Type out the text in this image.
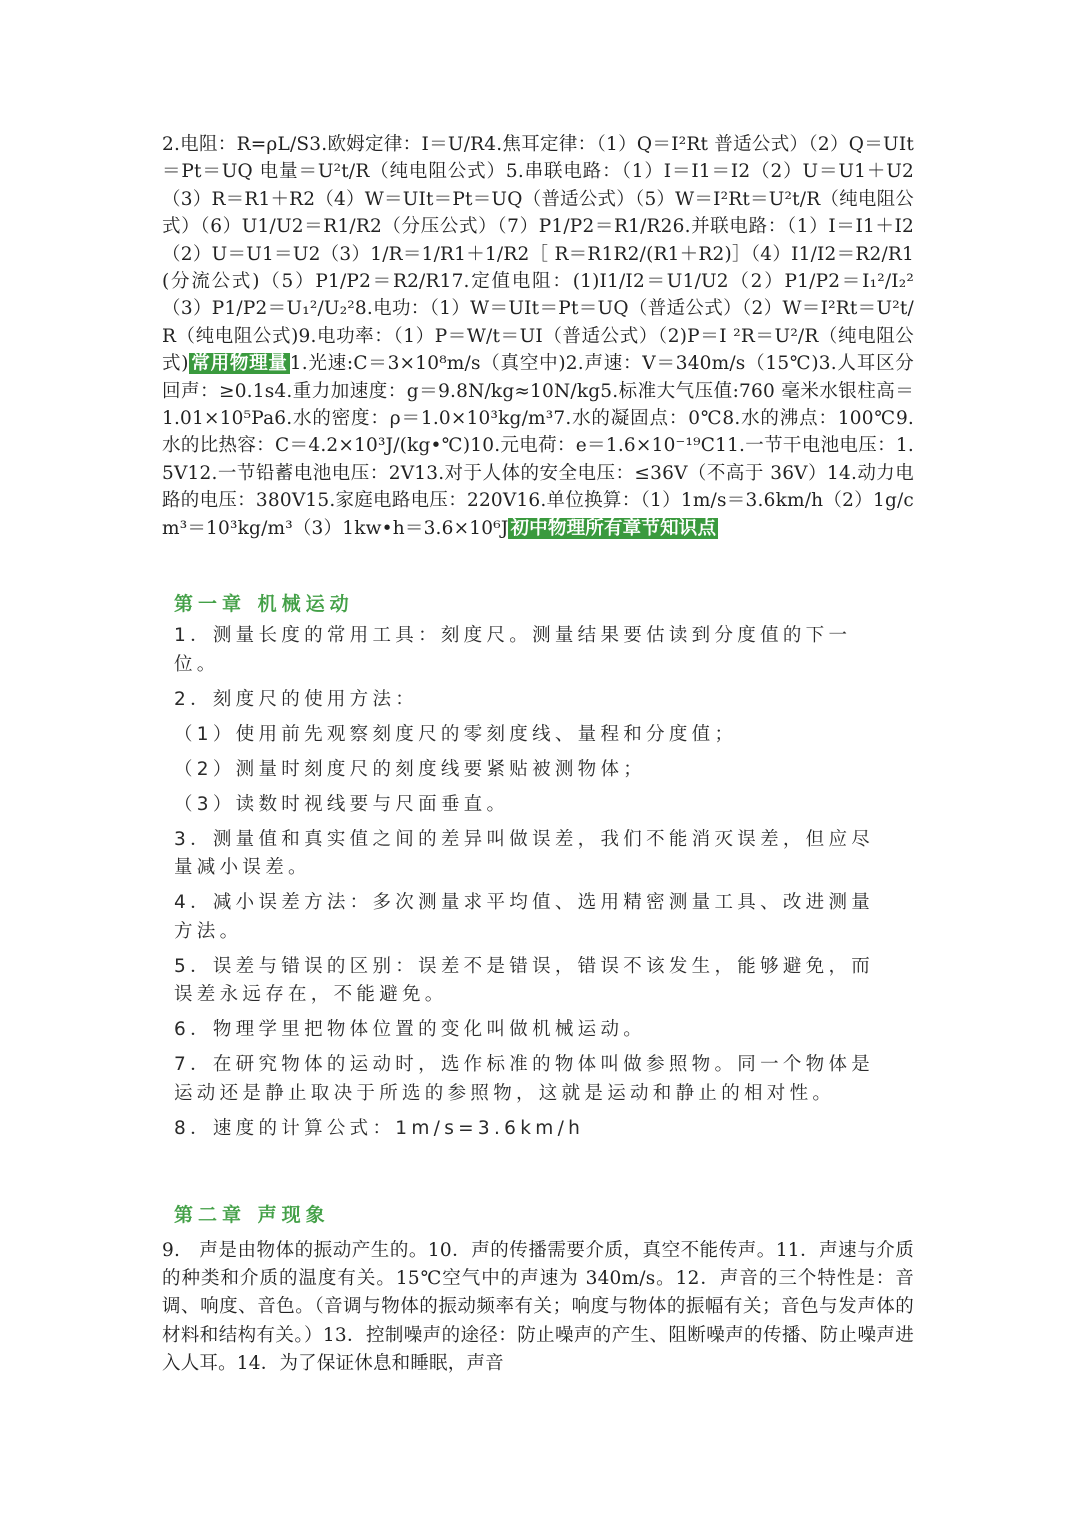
2.电阻：R=ρL/S3.欧姆定律：I＝U/R4.焦耳定律：（1）Q＝I²Rt 普适公式）（2）Q＝UIt＝Pt＝UQ 电量＝U²t/R（纯电阻公式）5.串联电路：（1）I＝I1＝I2（2）U＝U1＋U2（3）R＝R1＋R2（4）W＝UIt＝Pt＝UQ（普适公式）（5）W＝I²Rt＝U²t/R（纯电阻公式）（6）U1/U2＝R1/R2（分压公式）（7）P1/P2＝R1/R26.并联电路：（1）I＝I1＋I2（2）U＝U1＝U2（3）1/R＝1/R1＋1/R2［ R＝R1R2/(R1＋R2)］（4）I1/I2＝R2/R1(分流公式)（5）P1/P2＝R2/R17.定值电阻：(1)I1/I2＝U1/U2（2）P1/P2＝I₁²/I₂²（3）P1/P2＝U₁²/U₂²8.电功：（1）W＝UIt＝Pt＝UQ（普适公式）（2）W＝I²Rt＝U²t/R（纯电阻公式)9.电功率：（1）P＝W/t＝UI（普适公式）（2)P＝I ²R＝U²/R（纯电阻公式) 常用物理量 1.光速:C＝3×10⁸m/s（真空中)2.声速：V＝340m/s（15℃)3.人耳区分回声：≥0.1s4.重力加速度：g＝9.8N/kg≈10N/kg5.标准大气压值:760 毫米水银柱高＝1.01×10⁵Pa6.水的密度：ρ＝1.0×10³kg/m³7.水的凝固点：0℃8.水的沸点：100℃9.水的比热容：C＝4.2×10³J/(kg•℃)10.元电荷：e＝1.6×10⁻¹⁹C11.一节干电池电压：1.5V12.一节铅蓄电池电压：2V13.对于人体的安全电压：≤36V（不高于 36V）14.动力电路的电压：380V15.家庭电路电压：220V16.单位换算：（1）1m/s＝3.6km/h（2）1g/cm³＝10³kg/m³（3）1kw•h＝3.6×10⁶J 初中物理所有章节知识点
第一章 机械运动
1．测量长度的常用工具：刻度尺。测量结果要估读到分度值的下一位。
2．刻度尺的使用方法：
（1）使用前先观察刻度尺的零刻度线、量程和分度值；
（2）测量时刻度尺的刻度线要紧贴被测物体；
（3）读数时视线要与尺面垂直。
3．测量值和真实值之间的差异叫做误差，我们不能消灭误差，但应尽量减小误差。
4．减小误差方法：多次测量求平均值、选用精密测量工具、改进测量方法。
5．误差与错误的区别：误差不是错误，错误不该发生，能够避免，而误差永远存在，不能避免。
6．物理学里把物体位置的变化叫做机械运动。
7．在研究物体的运动时，选作标准的物体叫做参照物。同一个物体是运动还是静止取决于所选的参照物，这就是运动和静止的相对性。
8．速度的计算公式：1m/s=3.6km/h
第二章 声现象
9.　声是由物体的振动产生的。10．声的传播需要介质，真空不能传声。11．声速与介质的种类和介质的温度有关。15℃空气中的声速为 340m/s。12．声音的三个特性是：音调、响度、音色。（音调与物体的振动频率有关；响度与物体的振幅有关；音色与发声体的材料和结构有关。）13．控制噪声的途径：防止噪声的产生、阻断噪声的传播、防止噪声进入人耳。14．为了保证休息和睡眠，声音
